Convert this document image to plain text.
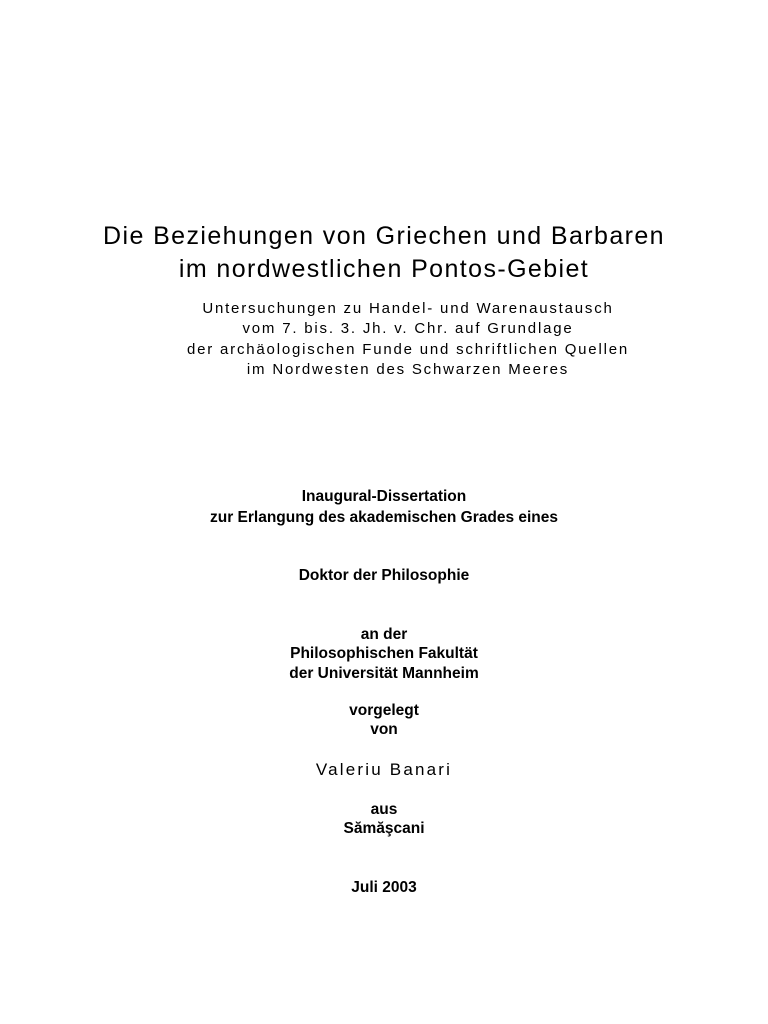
Die Beziehungen von Griechen und Barbaren
im nordwestlichen Pontos-Gebiet
Untersuchungen zu Handel- und Warenaustausch
vom 7. bis. 3. Jh. v. Chr. auf Grundlage
der archäologischen Funde und schriftlichen Quellen
im Nordwesten des Schwarzen Meeres
Inaugural-Dissertation
zur Erlangung des akademischen Grades eines
Doktor der Philosophie
an der
Philosophischen Fakultät
der Universität Mannheim
vorgelegt
von
Valeriu Banari
aus
Sămăşcani
Juli 2003
